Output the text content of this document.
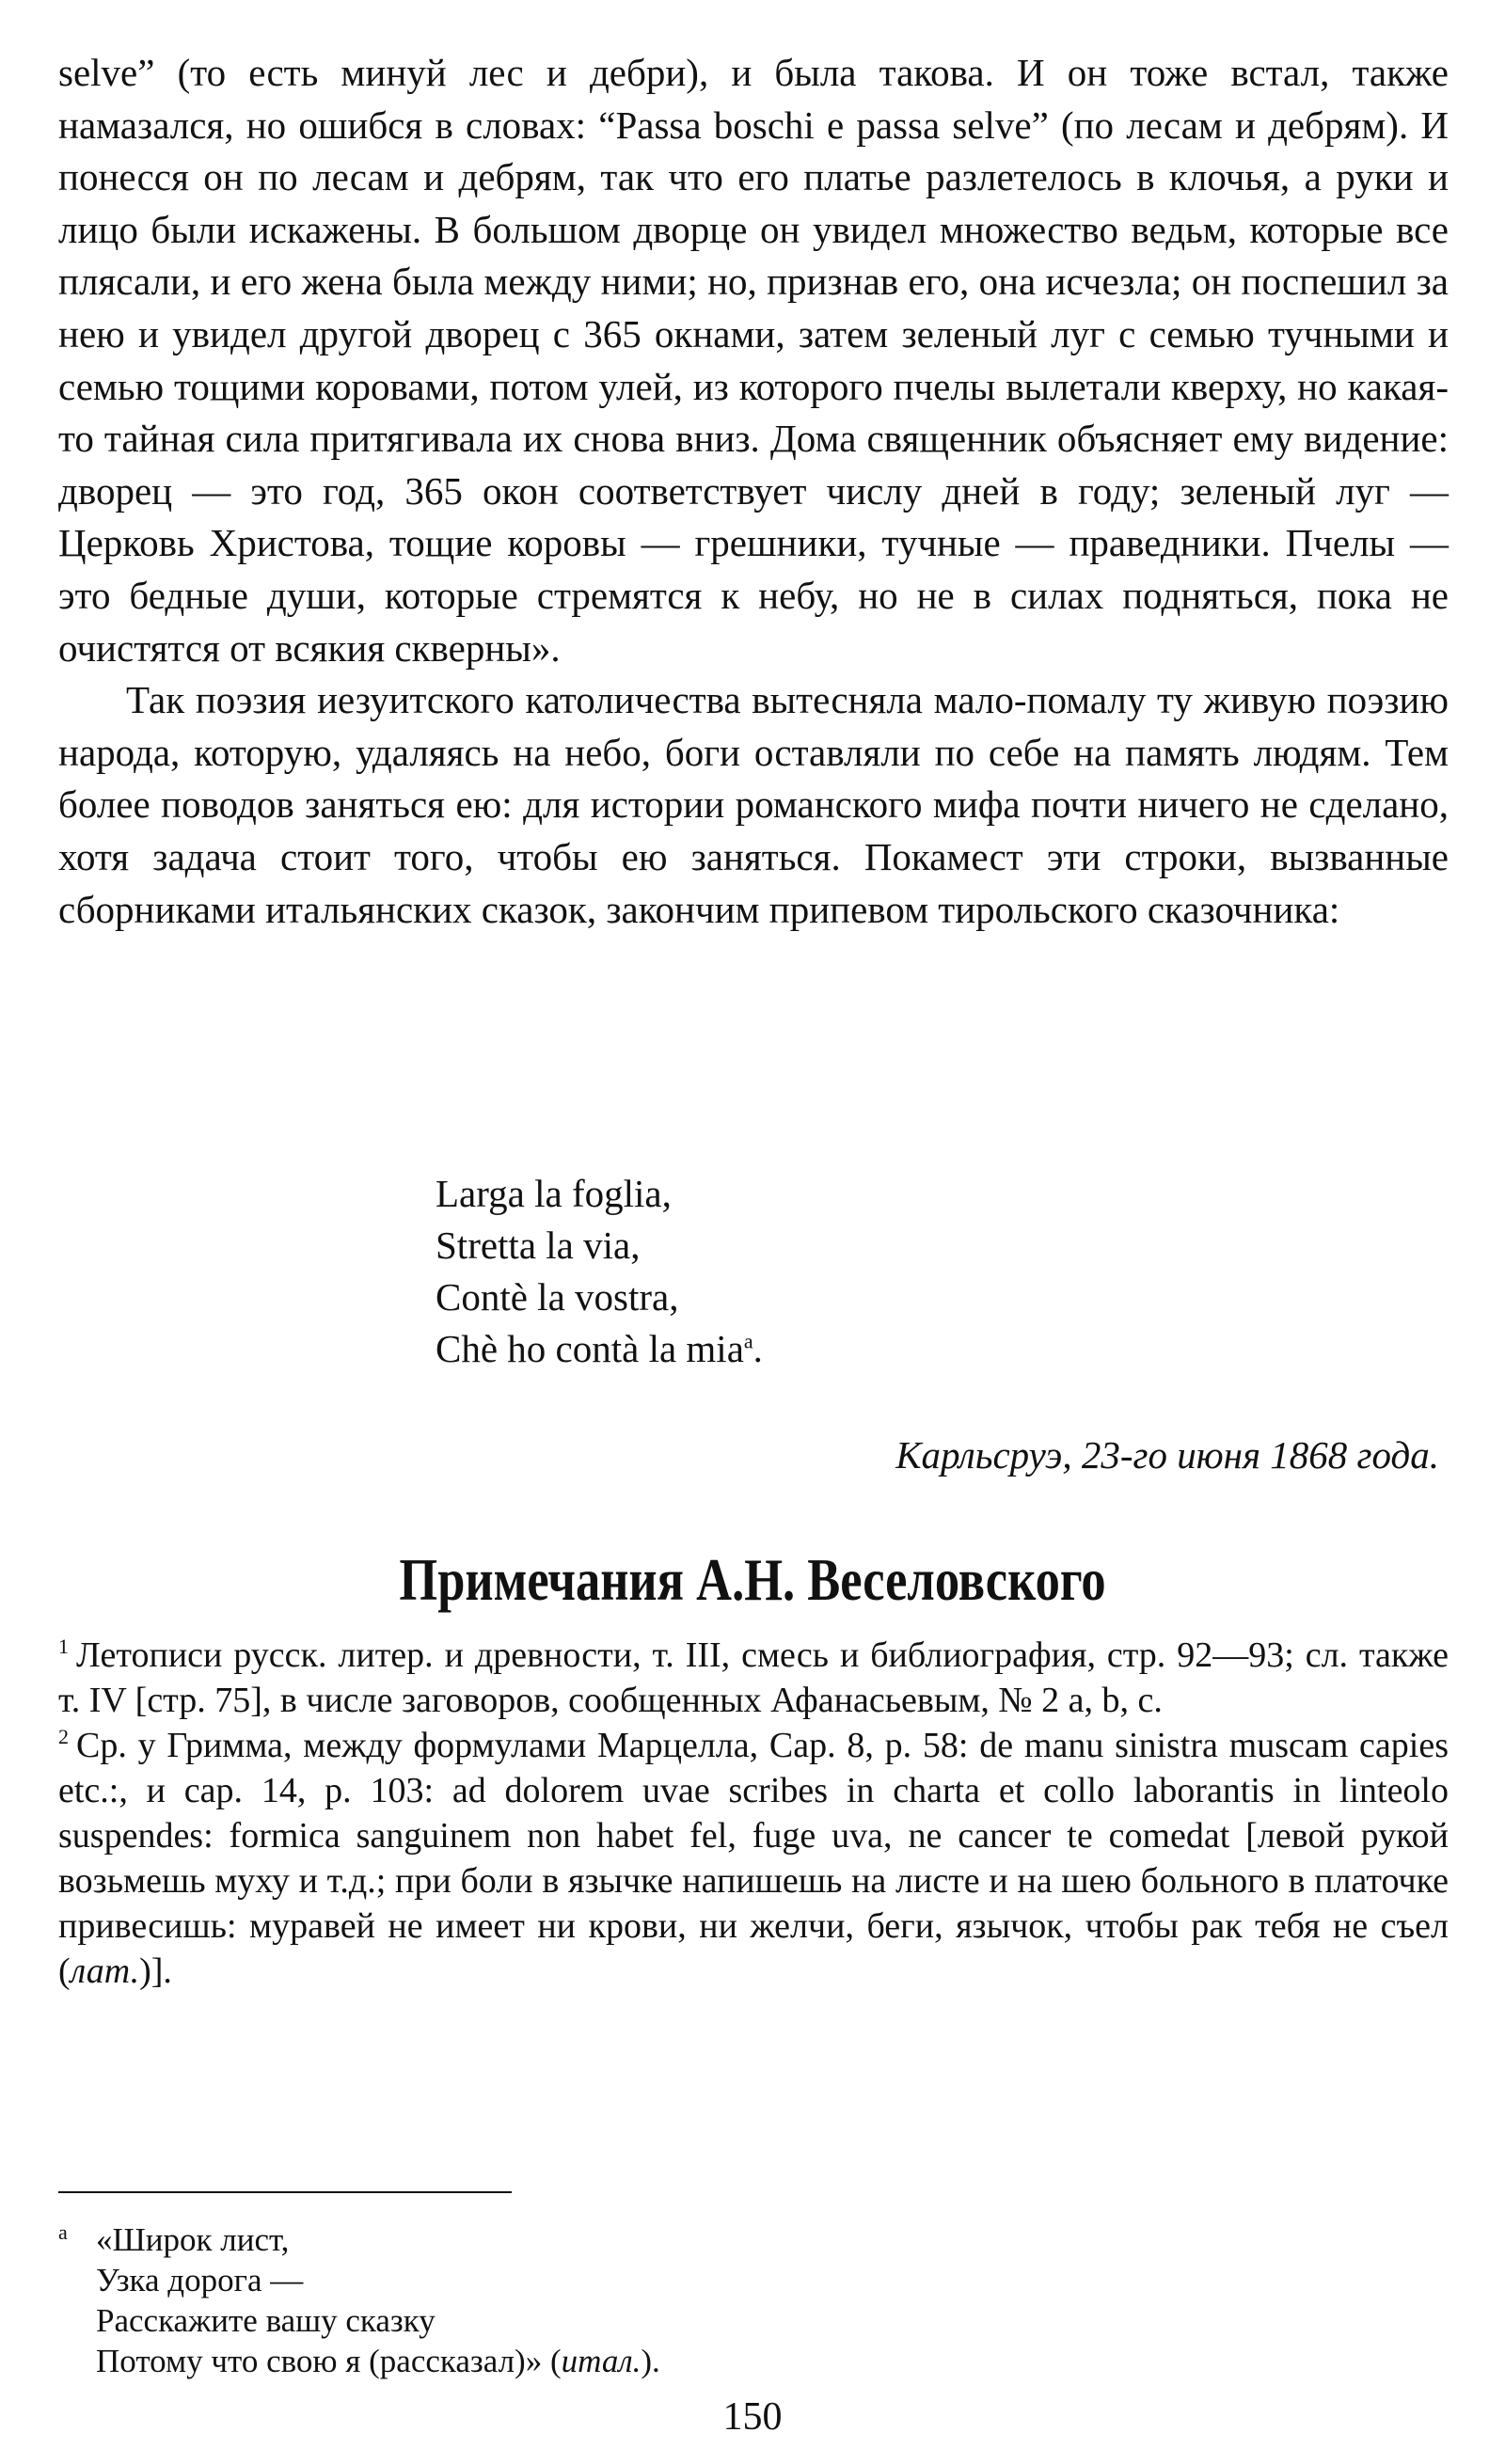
selve” (то есть минуй лес и дебри), и была такова. И он тоже встал, также намазался, но ошибся в словах: “Passa boschi e passa selve” (по лесам и дебрям). И понесся он по лесам и дебрям, так что его платье разлетелось в клочья, а руки и лицо были искажены. В большом дворце он увидел множество ведьм, которые все плясали, и его жена была между ними; но, признав его, она исчезла; он поспешил за нею и увидел другой дворец с 365 окнами, затем зеленый луг с семью тучными и семью тощими коровами, потом улей, из которого пчелы вылетали кверху, но какая-то тайная сила притягивала их снова вниз. Дома священник объясняет ему видение: дворец — это год, 365 окон соответствует числу дней в году; зеленый луг — Церковь Христова, тощие коровы — грешники, тучные — праведники. Пчелы — это бедные души, которые стремятся к небу, но не в силах подняться, пока не очистятся от всякия скверны».

Так поэзия иезуитского католичества вытесняла мало-помалу ту живую поэзию народа, которую, удаляясь на небо, боги оставляли по себе на память людям. Тем более поводов заняться ею: для истории романского мифа почти ничего не сделано, хотя задача стоит того, чтобы ею заняться. Покамест эти строки, вызванные сборниками итальянских сказок, закончим припевом тирольского сказочника:

Larga la foglia,
Stretta la via,
Contè la vostra,
Chè ho contà la mia$^a$.
Карльсруэ, 23-го июня 1868 года.
Примечания А.Н. Веселовского

$^1$ Летописи русск. литер. и древности, т. III, смесь и библиография, стр. 92—93; сл. также т. IV [стр. 75], в числе заговоров, сообщенных Афанасьевым, № 2 а, b, с.

$^2$ Ср. у Гримма, между формулами Марцелла, Cap. 8, p. 58: de manu sinistra muscam capies etc.:, и cap. 14, p. 103: ad dolorem uvae scribes in charta et collo laborantis in linteolo suspendes: formica sanguinem non habet fel, fuge uva, ne cancer te comedat [левой рукой возьмешь муху и т.д.; при боли в язычке напишешь на листе и на шею больного в платочке привесишь: муравей не имеет ни крови, ни желчи, беги, язычок, чтобы рак тебя не съел (лат.)].

a «Широк лист,
Узка дорога —
Расскажите вашу сказку
Потому что свою я (рассказал)» (итал.).
150
